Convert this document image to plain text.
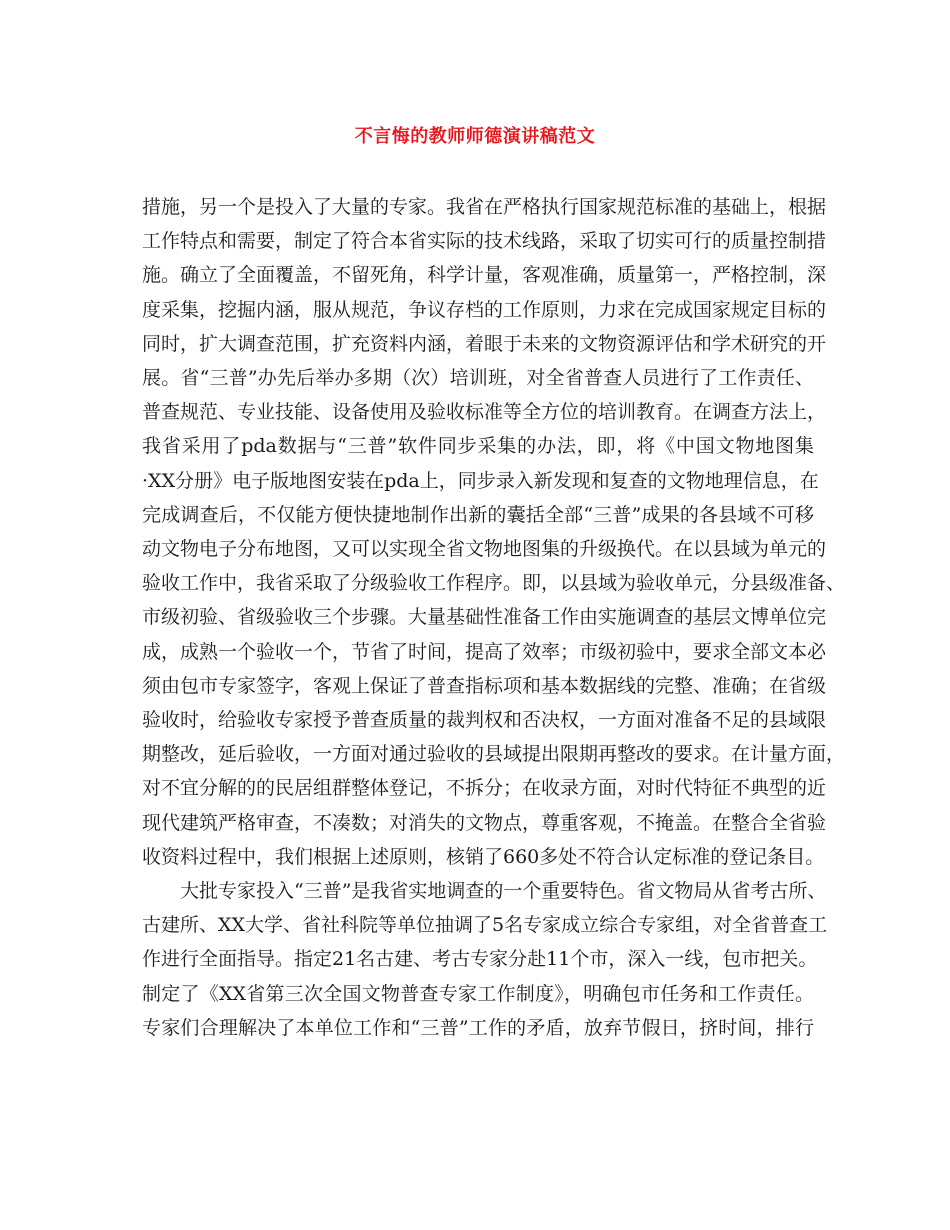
不言悔的教师师德演讲稿范文
措施，另一个是投入了大量的专家。我省在严格执行国家规范标准的基础上，根据
工作特点和需要，制定了符合本省实际的技术线路，采取了切实可行的质量控制措
施。确立了全面覆盖，不留死角，科学计量，客观准确，质量第一，严格控制，深
度采集，挖掘内涵，服从规范，争议存档的工作原则，力求在完成国家规定目标的
同时，扩大调查范围，扩充资料内涵，着眼于未来的文物资源评估和学术研究的开
展。省“三普”办先后举办多期（次）培训班，对全省普查人员进行了工作责任、
普查规范、专业技能、设备使用及验收标准等全方位的培训教育。在调查方法上，
我省采用了pda数据与“三普”软件同步采集的办法，即，将《中国文物地图集
·XX分册》电子版地图安装在pda上，同步录入新发现和复查的文物地理信息，在
完成调查后，不仅能方便快捷地制作出新的囊括全部“三普”成果的各县域不可移
动文物电子分布地图，又可以实现全省文物地图集的升级换代。在以县域为单元的
验收工作中，我省采取了分级验收工作程序。即，以县域为验收单元，分县级准备、
市级初验、省级验收三个步骤。大量基础性准备工作由实施调查的基层文博单位完
成，成熟一个验收一个，节省了时间，提高了效率；市级初验中，要求全部文本必
须由包市专家签字，客观上保证了普查指标项和基本数据线的完整、准确；在省级
验收时，给验收专家授予普查质量的裁判权和否决权，一方面对准备不足的县域限
期整改，延后验收，一方面对通过验收的县域提出限期再整改的要求。在计量方面，
对不宜分解的的民居组群整体登记，不拆分；在收录方面，对时代特征不典型的近
现代建筑严格审查，不凑数；对消失的文物点，尊重客观，不掩盖。在整合全省验
收资料过程中，我们根据上述原则，核销了660多处不符合认定标准的登记条目。
大批专家投入“三普”是我省实地调查的一个重要特色。省文物局从省考古所、
古建所、XX大学、省社科院等单位抽调了5名专家成立综合专家组，对全省普查工
作进行全面指导。指定21名古建、考古专家分赴11个市，深入一线，包市把关。
制定了《XX省第三次全国文物普查专家工作制度》，明确包市任务和工作责任。
专家们合理解决了本单位工作和“三普”工作的矛盾，放弃节假日，挤时间，排行
